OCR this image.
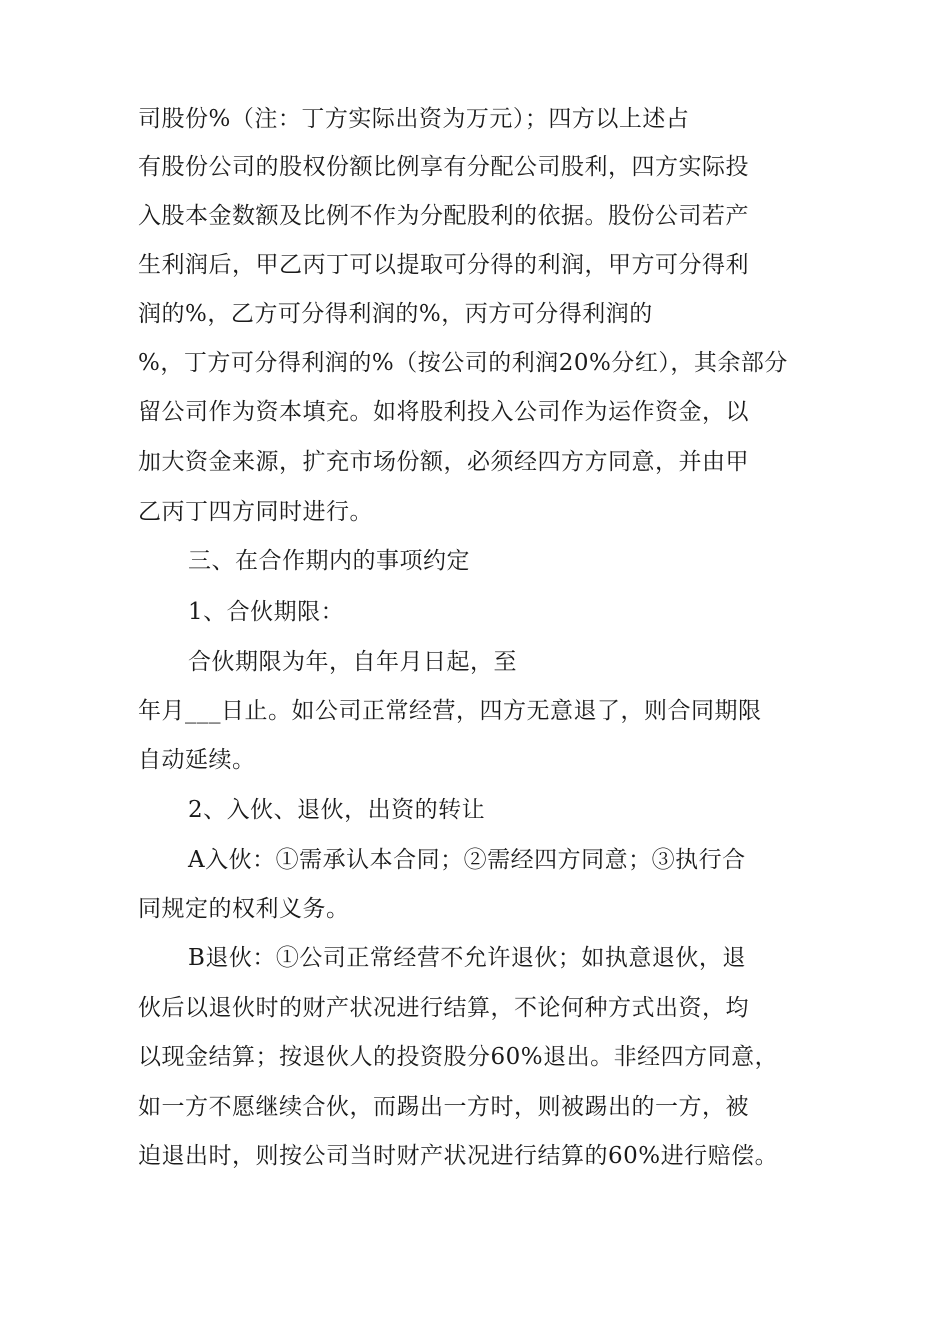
司股份%（注：丁方实际出资为万元）；四方以上述占
有股份公司的股权份额比例享有分配公司股利，四方实际投
入股本金数额及比例不作为分配股利的依据。股份公司若产
生利润后，甲乙丙丁可以提取可分得的利润，甲方可分得利
润的%，乙方可分得利润的%，丙方可分得利润的
%，丁方可分得利润的%（按公司的利润20%分红），其余部分
留公司作为资本填充。如将股利投入公司作为运作资金，以
加大资金来源，扩充市场份额，必须经四方方同意，并由甲
乙丙丁四方同时进行。
三、在合作期内的事项约定
1、合伙期限：
合伙期限为年，自年月日起，至
年月___日止。如公司正常经营，四方无意退了，则合同期限
自动延续。
2、入伙、退伙，出资的转让
A入伙：①需承认本合同；②需经四方同意；③执行合
同规定的权利义务。
B退伙：①公司正常经营不允许退伙；如执意退伙，退
伙后以退伙时的财产状况进行结算，不论何种方式出资，均
以现金结算；按退伙人的投资股分60%退出。非经四方同意，
如一方不愿继续合伙，而踢出一方时，则被踢出的一方，被
迫退出时，则按公司当时财产状况进行结算的60%进行赔偿。
